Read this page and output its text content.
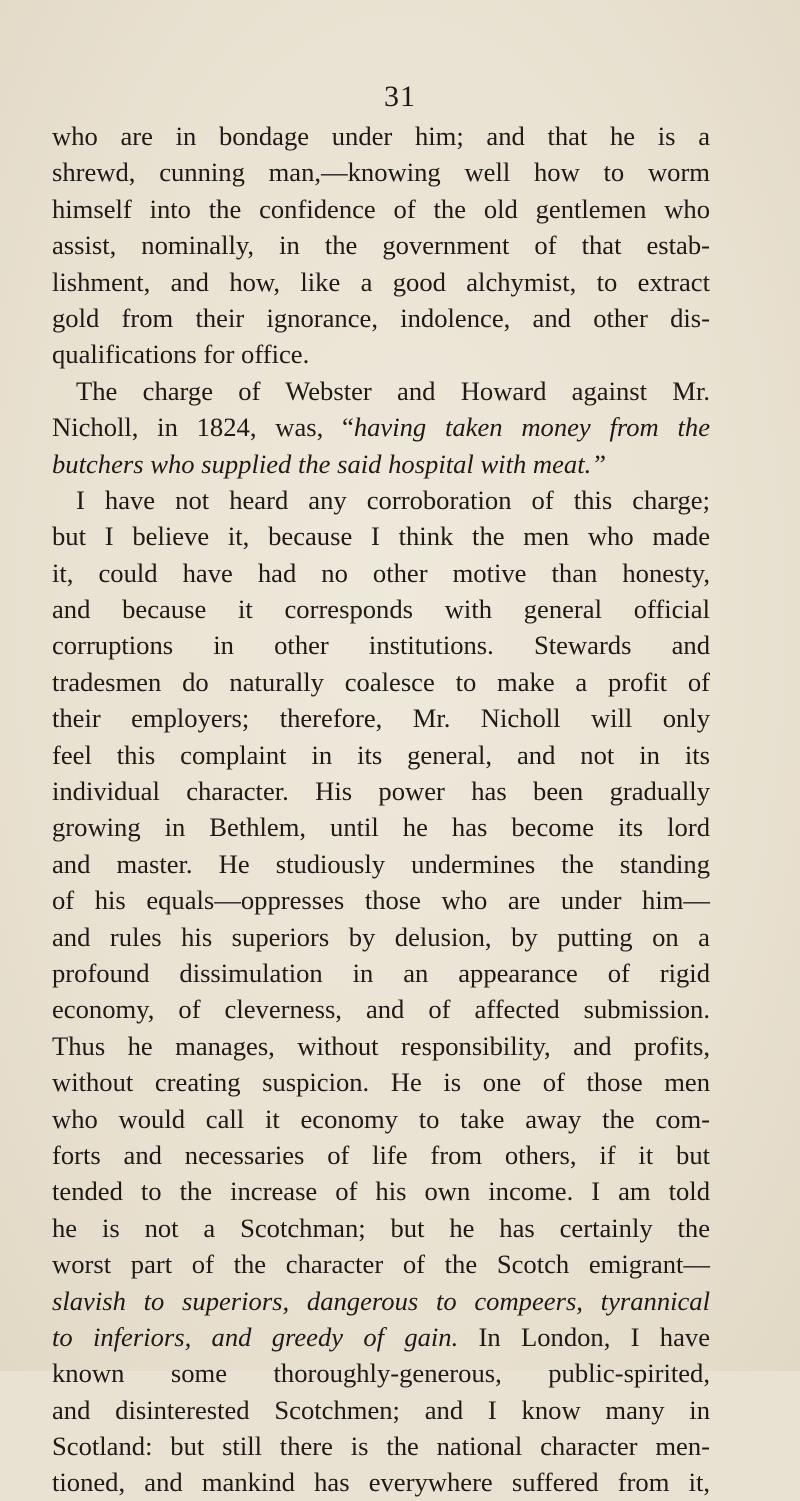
31
who are in bondage under him; and that he is a
shrewd, cunning man,—knowing well how to worm
himself into the confidence of the old gentlemen who
assist, nominally, in the government of that estab-
lishment, and how, like a good alchymist, to extract
gold from their ignorance, indolence, and other dis-
qualifications for office.
The charge of Webster and Howard against Mr.
Nicholl, in 1824, was, “having taken money from the
butchers who supplied the said hospital with meat.”
I have not heard any corroboration of this charge;
but I believe it, because I think the men who made
it, could have had no other motive than honesty,
and because it corresponds with general official
corruptions in other institutions. Stewards and
tradesmen do naturally coalesce to make a profit of
their employers; therefore, Mr. Nicholl will only
feel this complaint in its general, and not in its
individual character. His power has been gradually
growing in Bethlem, until he has become its lord
and master. He studiously undermines the standing
of his equals—oppresses those who are under him—
and rules his superiors by delusion, by putting on a
profound dissimulation in an appearance of rigid
economy, of cleverness, and of affected submission.
Thus he manages, without responsibility, and profits,
without creating suspicion. He is one of those men
who would call it economy to take away the com-
forts and necessaries of life from others, if it but
tended to the increase of his own income. I am told
he is not a Scotchman; but he has certainly the
worst part of the character of the Scotch emigrant—
slavish to superiors, dangerous to compeers, tyrannical
to inferiors, and greedy of gain. In London, I have
known some thoroughly-generous, public-spirited,
and disinterested Scotchmen; and I know many in
Scotland: but still there is the national character men-
tioned, and mankind has everywhere suffered from it,
